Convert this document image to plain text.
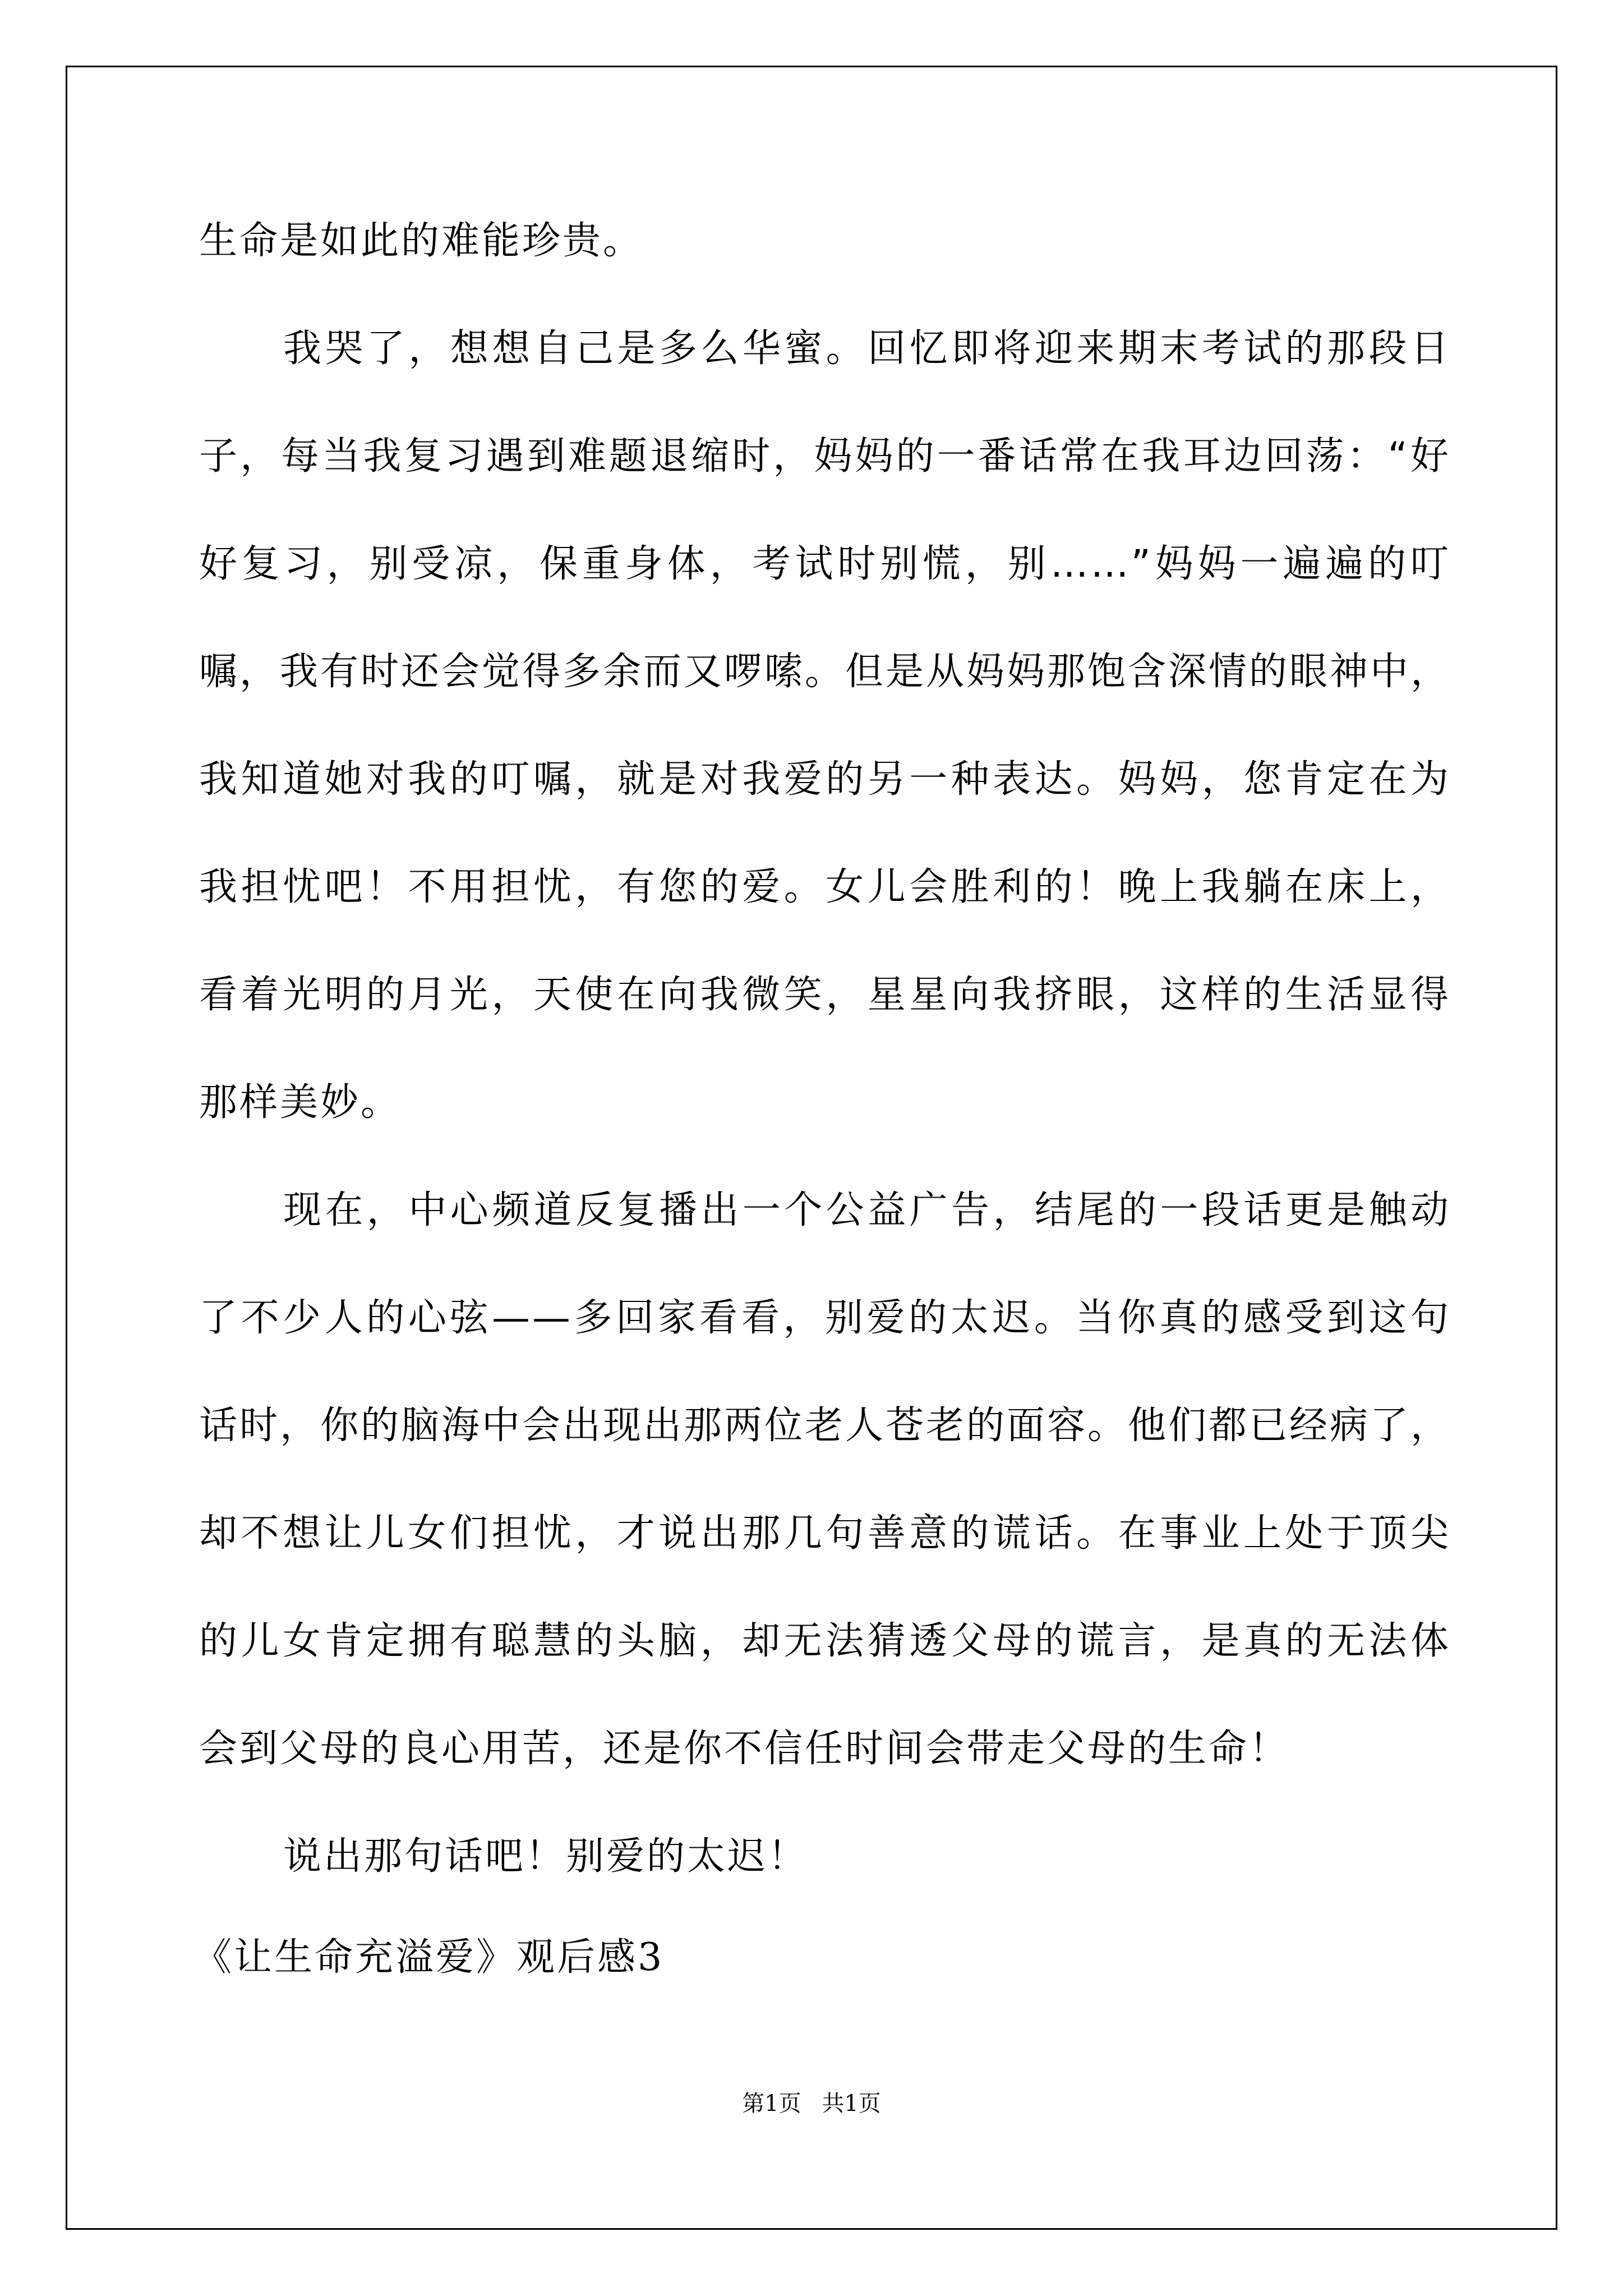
生命是如此的难能珍贵。
我哭了，想想自己是多么华蜜。回忆即将迎来期末考试的那段日
子，每当我复习遇到难题退缩时，妈妈的一番话常在我耳边回荡：“好
好复习，别受凉，保重身体，考试时别慌，别……”妈妈一遍遍的叮
嘱，我有时还会觉得多余而又啰嗦。但是从妈妈那饱含深情的眼神中，
我知道她对我的叮嘱，就是对我爱的另一种表达。妈妈，您肯定在为
我担忧吧！不用担忧，有您的爱。女儿会胜利的！晚上我躺在床上，
看着光明的月光，天使在向我微笑，星星向我挤眼，这样的生活显得
那样美妙。
现在，中心频道反复播出一个公益广告，结尾的一段话更是触动
了不少人的心弦——多回家看看，别爱的太迟。当你真的感受到这句
话时，你的脑海中会出现出那两位老人苍老的面容。他们都已经病了，
却不想让儿女们担忧，才说出那几句善意的谎话。在事业上处于顶尖
的儿女肯定拥有聪慧的头脑，却无法猜透父母的谎言，是真的无法体
会到父母的良心用苦，还是你不信任时间会带走父母的生命！
说出那句话吧！别爱的太迟！
《让生命充溢爱》观后感3
第1页 共1页
